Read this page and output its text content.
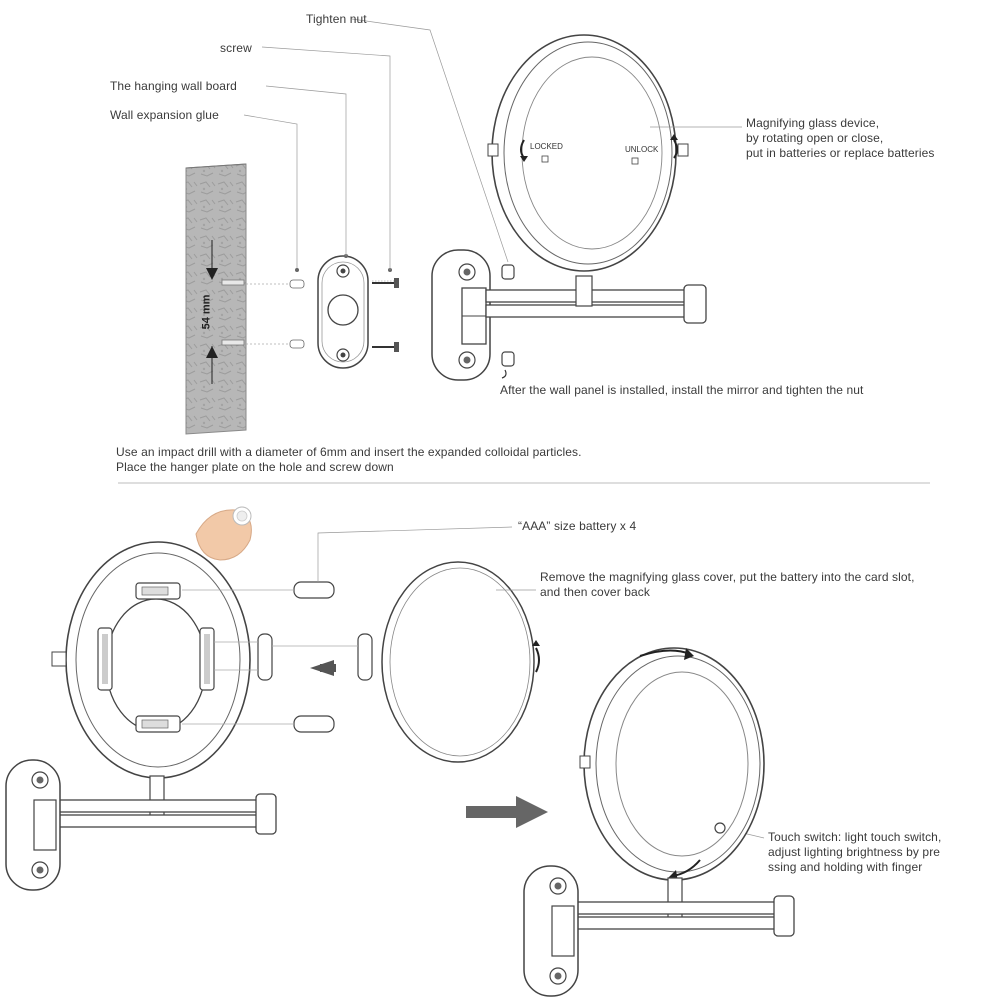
Tighten nut
screw
The hanging wall board
Wall expansion glue
Magnifying glass device,
by rotating open or close,
put in batteries or replace batteries
LOCKED	UNLOCK
54 mm
After the wall panel is installed, install the mirror and tighten the nut
Use an impact drill with a diameter of 6mm and insert the expanded colloidal particles.
Place the hanger plate on the hole and screw down
“AAA” size battery x 4
Remove the magnifying glass cover, put the battery into the card slot,
and then cover back
Touch switch: light touch switch,
adjust lighting brightness by pre
ssing and holding with finger
